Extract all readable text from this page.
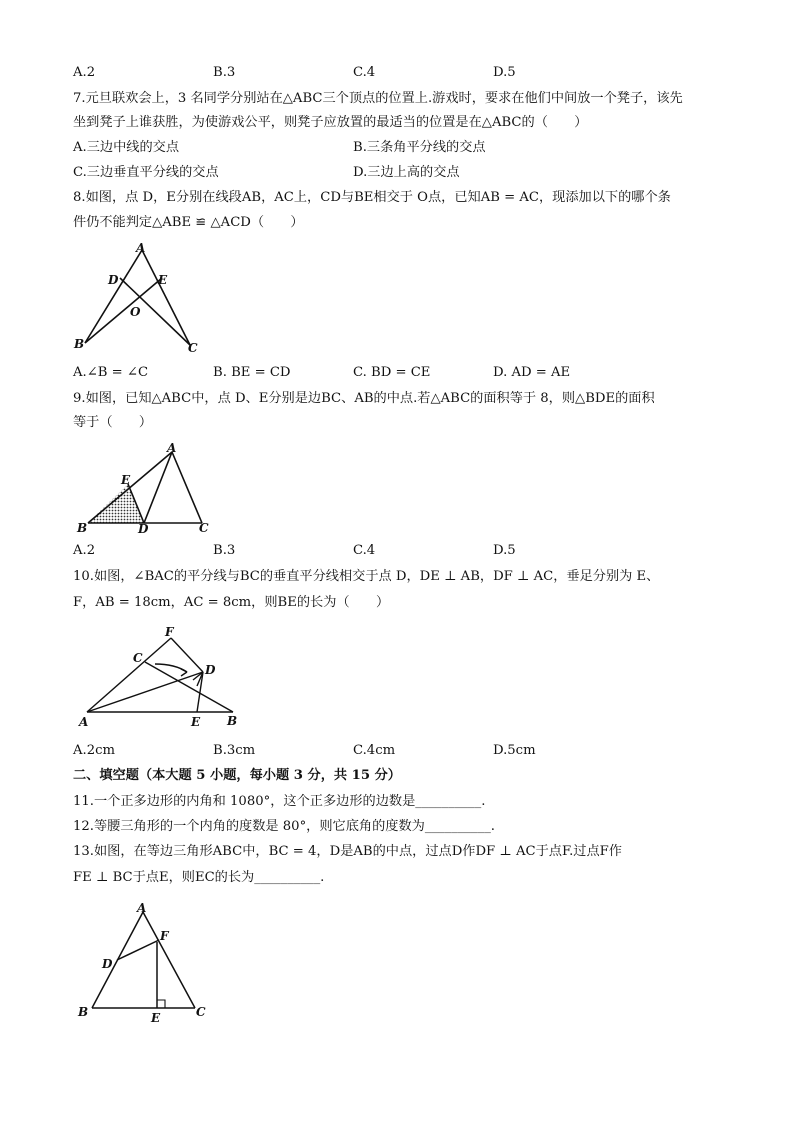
A.2	B.3	C.4	D.5
7.元旦联欢会上，3 名同学分别站在△ABC三个顶点的位置上.游戏时，要求在他们中间放一个凳子，该先
坐到凳子上谁获胜，为使游戏公平，则凳子应放置的最适当的位置是在△ABC的（　　）
A.三边中线的交点	B.三条角平分线的交点
C.三边垂直平分线的交点	D.三边上高的交点
8.如图，点 D，E分别在线段AB，AC上，CD与BE相交于 O点，已知AB = AC，现添加以下的哪个条
件仍不能判定△ABE ≌ △ACD（　　）
A
D	E
O
B	C
A.∠B = ∠C	B. BE = CD	C. BD = CE	D. AD = AE
9.如图，已知△ABC中，点 D、E分别是边BC、AB的中点.若△ABC的面积等于 8，则△BDE的面积
等于（　　）
A
E
B	D	C
A.2	B.3	C.4	D.5
10.如图，∠BAC的平分线与BC的垂直平分线相交于点 D，DE ⊥ AB，DF ⊥ AC，垂足分别为 E、
F，AB = 18cm，AC = 8cm，则BE的长为（　　）
F
C
D
A	E B
A.2cm	B.3cm	C.4cm	D.5cm
二、填空题（本大题 5 小题，每小题 3 分，共 15 分）
11.一个正多边形的内角和 1080°，这个正多边形的边数是__________.
12.等腰三角形的一个内角的度数是 80°，则它底角的度数为__________.
13.如图，在等边三角形ABC中，BC = 4，D是AB的中点，过点D作DF ⊥ AC于点F.过点F作
FE ⊥ BC于点E，则EC的长为__________.
A
F
D
B	E	C
